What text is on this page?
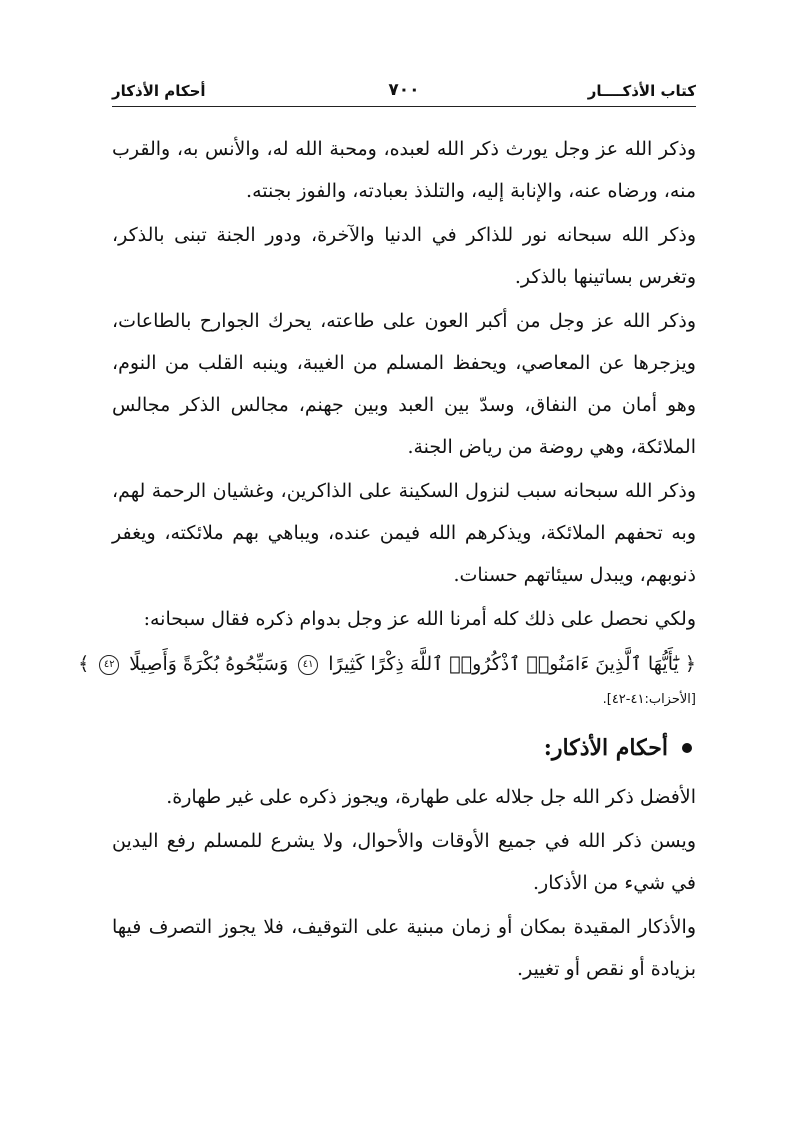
كتاب الأذكــــار
٧٠٠
أحكام الأذكار

وذكر الله عز وجل يورث ذكر الله لعبده، ومحبة الله له، والأنس به، والقرب منه، ورضاه عنه، والإنابة إليه، والتلذذ بعبادته، والفوز بجنته.

وذكر الله سبحانه نور للذاكر في الدنيا والآخرة، ودور الجنة تبنى بالذكر، وتغرس بساتينها بالذكر.

وذكر الله عز وجل من أكبر العون على طاعته، يحرك الجوارح بالطاعات، ويزجرها عن المعاصي، ويحفظ المسلم من الغيبة، وينبه القلب من النوم، وهو أمان من النفاق، وسدّ بين العبد وبين جهنم، مجالس الذكر مجالس الملائكة، وهي روضة من رياض الجنة.

وذكر الله سبحانه سبب لنزول السكينة على الذاكرين، وغشيان الرحمة لهم، وبه تحفهم الملائكة، ويذكرهم الله فيمن عنده، ويباهي بهم ملائكته، ويغفر ذنوبهم، ويبدل سيئاتهم حسنات.

ولكي نحصل على ذلك كله أمرنا الله عز وجل بدوام ذكره فقال سبحانه:

﴿ يَٰٓأَيُّهَا ٱلَّذِينَ ءَامَنُوا۟ ٱذْكُرُوا۟ ٱللَّهَ ذِكْرًا كَثِيرًا ٤١ وَسَبِّحُوهُ بُكْرَةً وَأَصِيلًا ٤٢ ﴾

[الأحزاب:٤١-٤٢].

أحكام الأذكار:

الأفضل ذكر الله جل جلاله على طهارة، ويجوز ذكره على غير طهارة.

ويسن ذكر الله في جميع الأوقات والأحوال، ولا يشرع للمسلم رفع اليدين في شيء من الأذكار.

والأذكار المقيدة بمكان أو زمان مبنية على التوقيف، فلا يجوز التصرف فيها بزيادة أو نقص أو تغيير.
